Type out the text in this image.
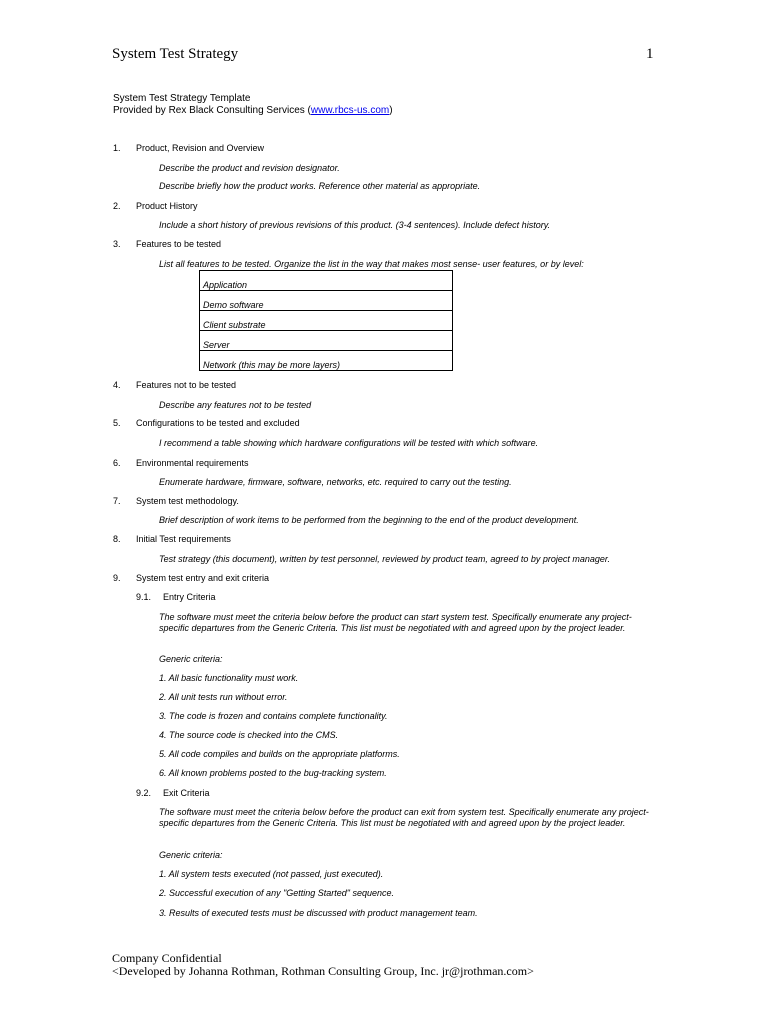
System Test Strategy	1
System Test Strategy Template
Provided by Rex Black Consulting Services (www.rbcs-us.com)
1. Product, Revision and Overview
Describe the product and revision designator.
Describe briefly how the product works. Reference other material as appropriate.
2. Product History
Include a short history of previous revisions of this product. (3-4 sentences). Include defect history.
3. Features to be tested
List all features to be tested. Organize the list in the way that makes most sense- user features, or by level:
Application
Demo software
Client substrate
Server
Network (this may be more layers)
4. Features not to be tested
Describe any features not to be tested
5. Configurations to be tested and excluded
I recommend a table showing which hardware configurations will be tested with which software.
6. Environmental requirements
Enumerate hardware, firmware, software, networks, etc. required to carry out the testing.
7. System test methodology.
Brief description of work items to be performed from the beginning to the end of the product development.
8. Initial Test requirements
Test strategy (this document), written by test personnel, reviewed by product team, agreed to by project manager.
9. System test entry and exit criteria
9.1. Entry Criteria
The software must meet the criteria below before the product can start system test. Specifically enumerate any project-specific departures from the Generic Criteria. This list must be negotiated with and agreed upon by the project leader.
Generic criteria:
1. All basic functionality must work.
2. All unit tests run without error.
3. The code is frozen and contains complete functionality.
4. The source code is checked into the CMS.
5. All code compiles and builds on the appropriate platforms.
6. All known problems posted to the bug-tracking system.
9.2. Exit Criteria
The software must meet the criteria below before the product can exit from system test. Specifically enumerate any project-specific departures from the Generic Criteria. This list must be negotiated with and agreed upon by the project leader.
Generic criteria:
1. All system tests executed (not passed, just executed).
2. Successful execution of any "Getting Started" sequence.
3. Results of executed tests must be discussed with product management team.
Company Confidential
<Developed by Johanna Rothman, Rothman Consulting Group, Inc. jr@jrothman.com>
